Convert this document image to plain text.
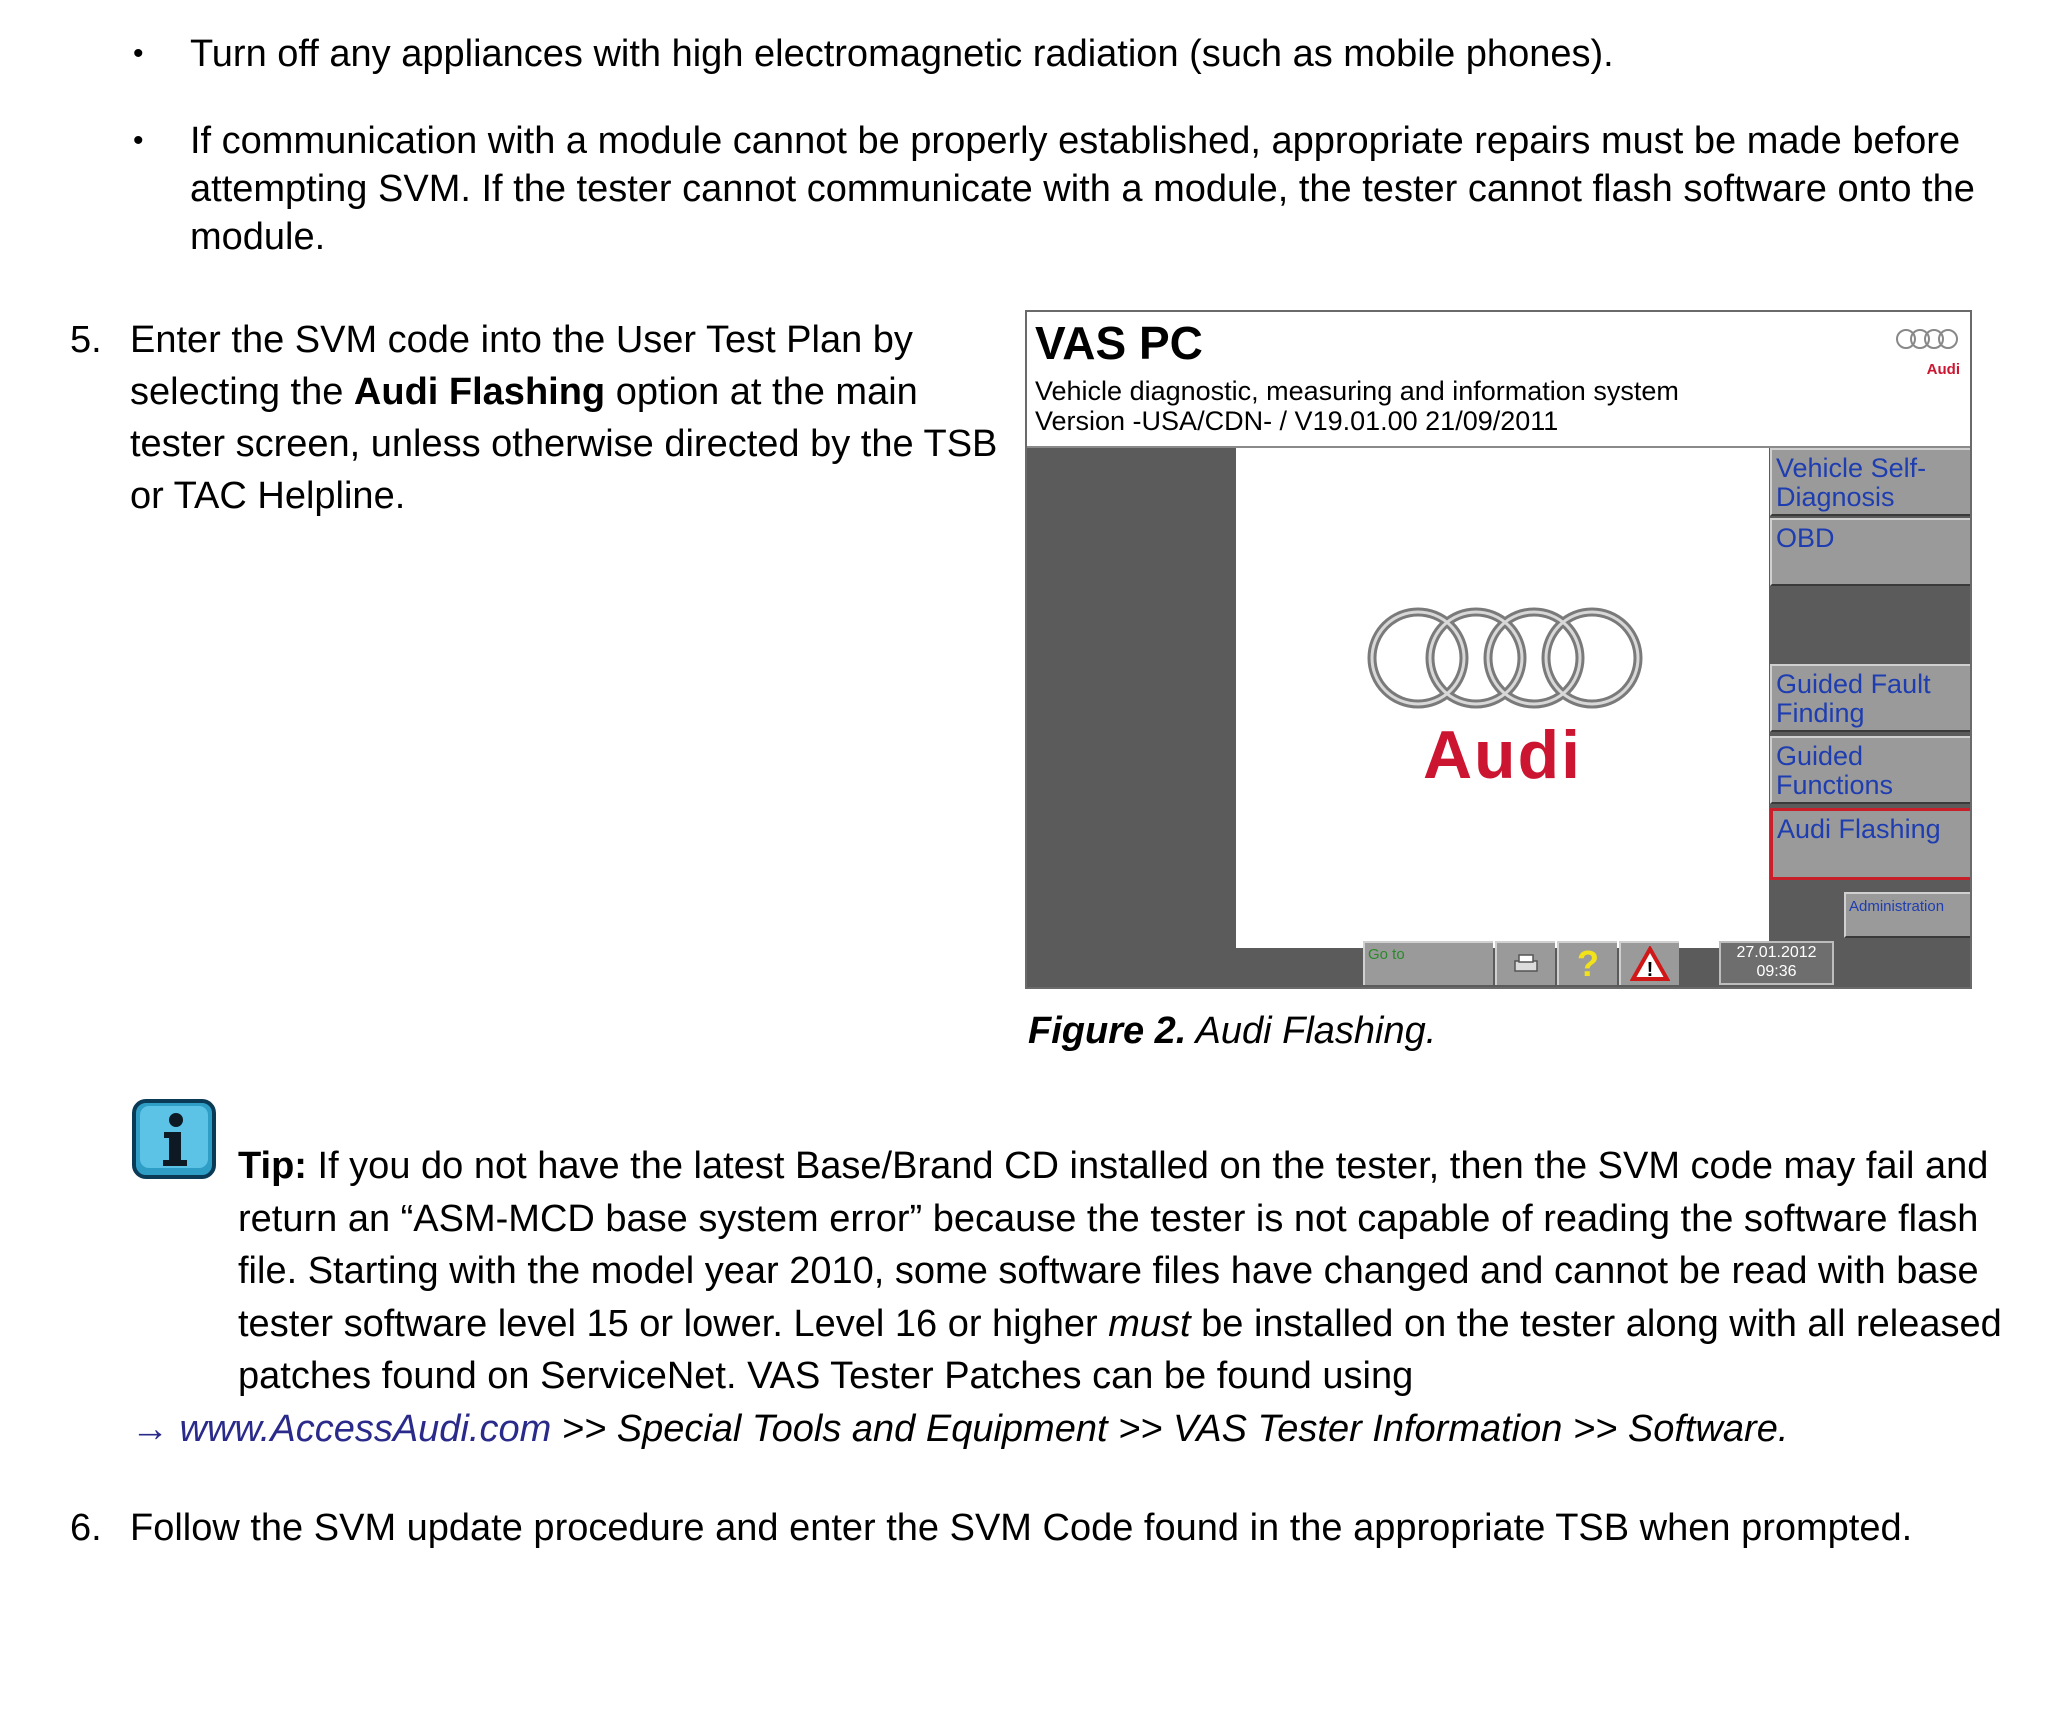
• Turn off any appliances with high electromagnetic radiation (such as mobile phones).
• If communication with a module cannot be properly established, appropriate repairs must be made before attempting SVM. If the tester cannot communicate with a module, the tester cannot flash software onto the module.
5. Enter the SVM code into the User Test Plan by selecting the Audi Flashing option at the main tester screen, unless otherwise directed by the TSB or TAC Helpline.
VAS PC
Vehicle diagnostic, measuring and information system
Version -USA/CDN- / V19.01.00 21/09/2011
Audi
Audi
Vehicle Self-Diagnosis
OBD
Guided Fault Finding
Guided Functions
Audi Flashing
Administration
Go to	? !
27.01.2012
09:36
Figure 2. Audi Flashing.
Tip: If you do not have the latest Base/Brand CD installed on the tester, then the SVM code may fail and return an “ASM-MCD base system error” because the tester is not capable of reading the software flash file. Starting with the model year 2010, some software files have changed and cannot be read with base tester software level 15 or lower. Level 16 or higher must be installed on the tester along with all released patches found on ServiceNet. VAS Tester Patches can be found using
→ www.AccessAudi.com >> Special Tools and Equipment >> VAS Tester Information >> Software.
6. Follow the SVM update procedure and enter the SVM Code found in the appropriate TSB when prompted.
